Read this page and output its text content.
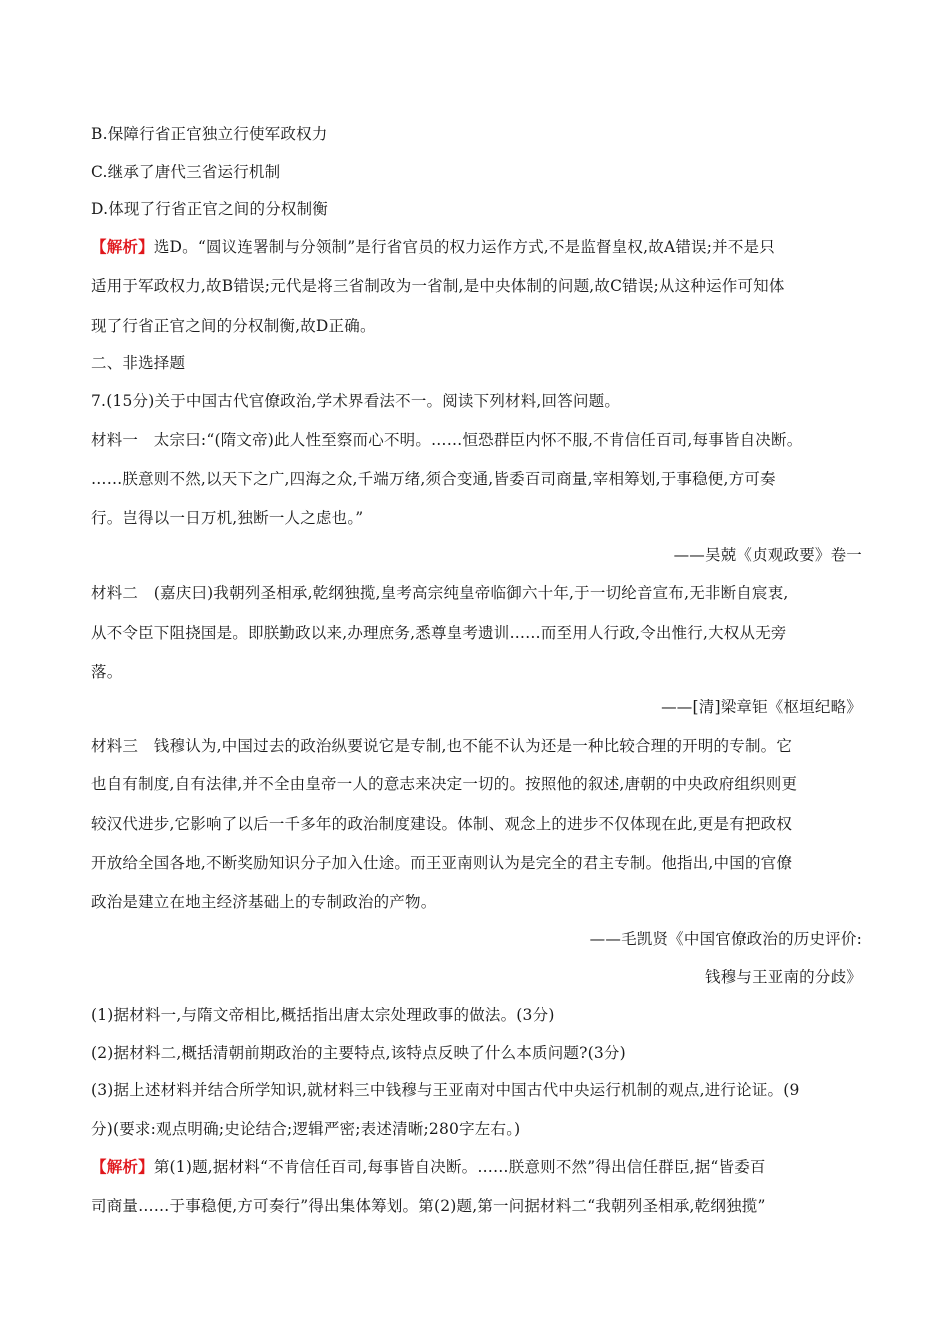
B.保障行省正官独立行使军政权力
C.继承了唐代三省运行机制
D.体现了行省正官之间的分权制衡
【解析】选D。“圆议连署制与分领制”是行省官员的权力运作方式,不是监督皇权,故A错误;并不是只
适用于军政权力,故B错误;元代是将三省制改为一省制,是中央体制的问题,故C错误;从这种运作可知体
现了行省正官之间的分权制衡,故D正确。
二、非选择题
7.(15分)关于中国古代官僚政治,学术界看法不一。阅读下列材料,回答问题。
材料一　太宗曰:“(隋文帝)此人性至察而心不明。……恒恐群臣内怀不服,不肯信任百司,每事皆自决断。
……朕意则不然,以天下之广,四海之众,千端万绪,须合变通,皆委百司商量,宰相筹划,于事稳便,方可奏
行。岂得以一日万机,独断一人之虑也。”
——吴兢《贞观政要》卷一
材料二　(嘉庆曰)我朝列圣相承,乾纲独揽,皇考高宗纯皇帝临御六十年,于一切纶音宣布,无非断自宸衷,
从不令臣下阻挠国是。即朕勤政以来,办理庶务,悉尊皇考遗训……而至用人行政,令出惟行,大权从无旁
落。
——[清]梁章钜《枢垣纪略》
材料三　钱穆认为,中国过去的政治纵要说它是专制,也不能不认为还是一种比较合理的开明的专制。它
也自有制度,自有法律,并不全由皇帝一人的意志来决定一切的。按照他的叙述,唐朝的中央政府组织则更
较汉代进步,它影响了以后一千多年的政治制度建设。体制、观念上的进步不仅体现在此,更是有把政权
开放给全国各地,不断奖励知识分子加入仕途。而王亚南则认为是完全的君主专制。他指出,中国的官僚
政治是建立在地主经济基础上的专制政治的产物。
——毛凯贤《中国官僚政治的历史评价:
钱穆与王亚南的分歧》
(1)据材料一,与隋文帝相比,概括指出唐太宗处理政事的做法。(3分)
(2)据材料二,概括清朝前期政治的主要特点,该特点反映了什么本质问题?(3分)
(3)据上述材料并结合所学知识,就材料三中钱穆与王亚南对中国古代中央运行机制的观点,进行论证。(9
分)(要求:观点明确;史论结合;逻辑严密;表述清晰;280字左右。)
【解析】第(1)题,据材料“不肯信任百司,每事皆自决断。……朕意则不然”得出信任群臣,据“皆委百
司商量……于事稳便,方可奏行”得出集体筹划。第(2)题,第一问据材料二“我朝列圣相承,乾纲独揽”
